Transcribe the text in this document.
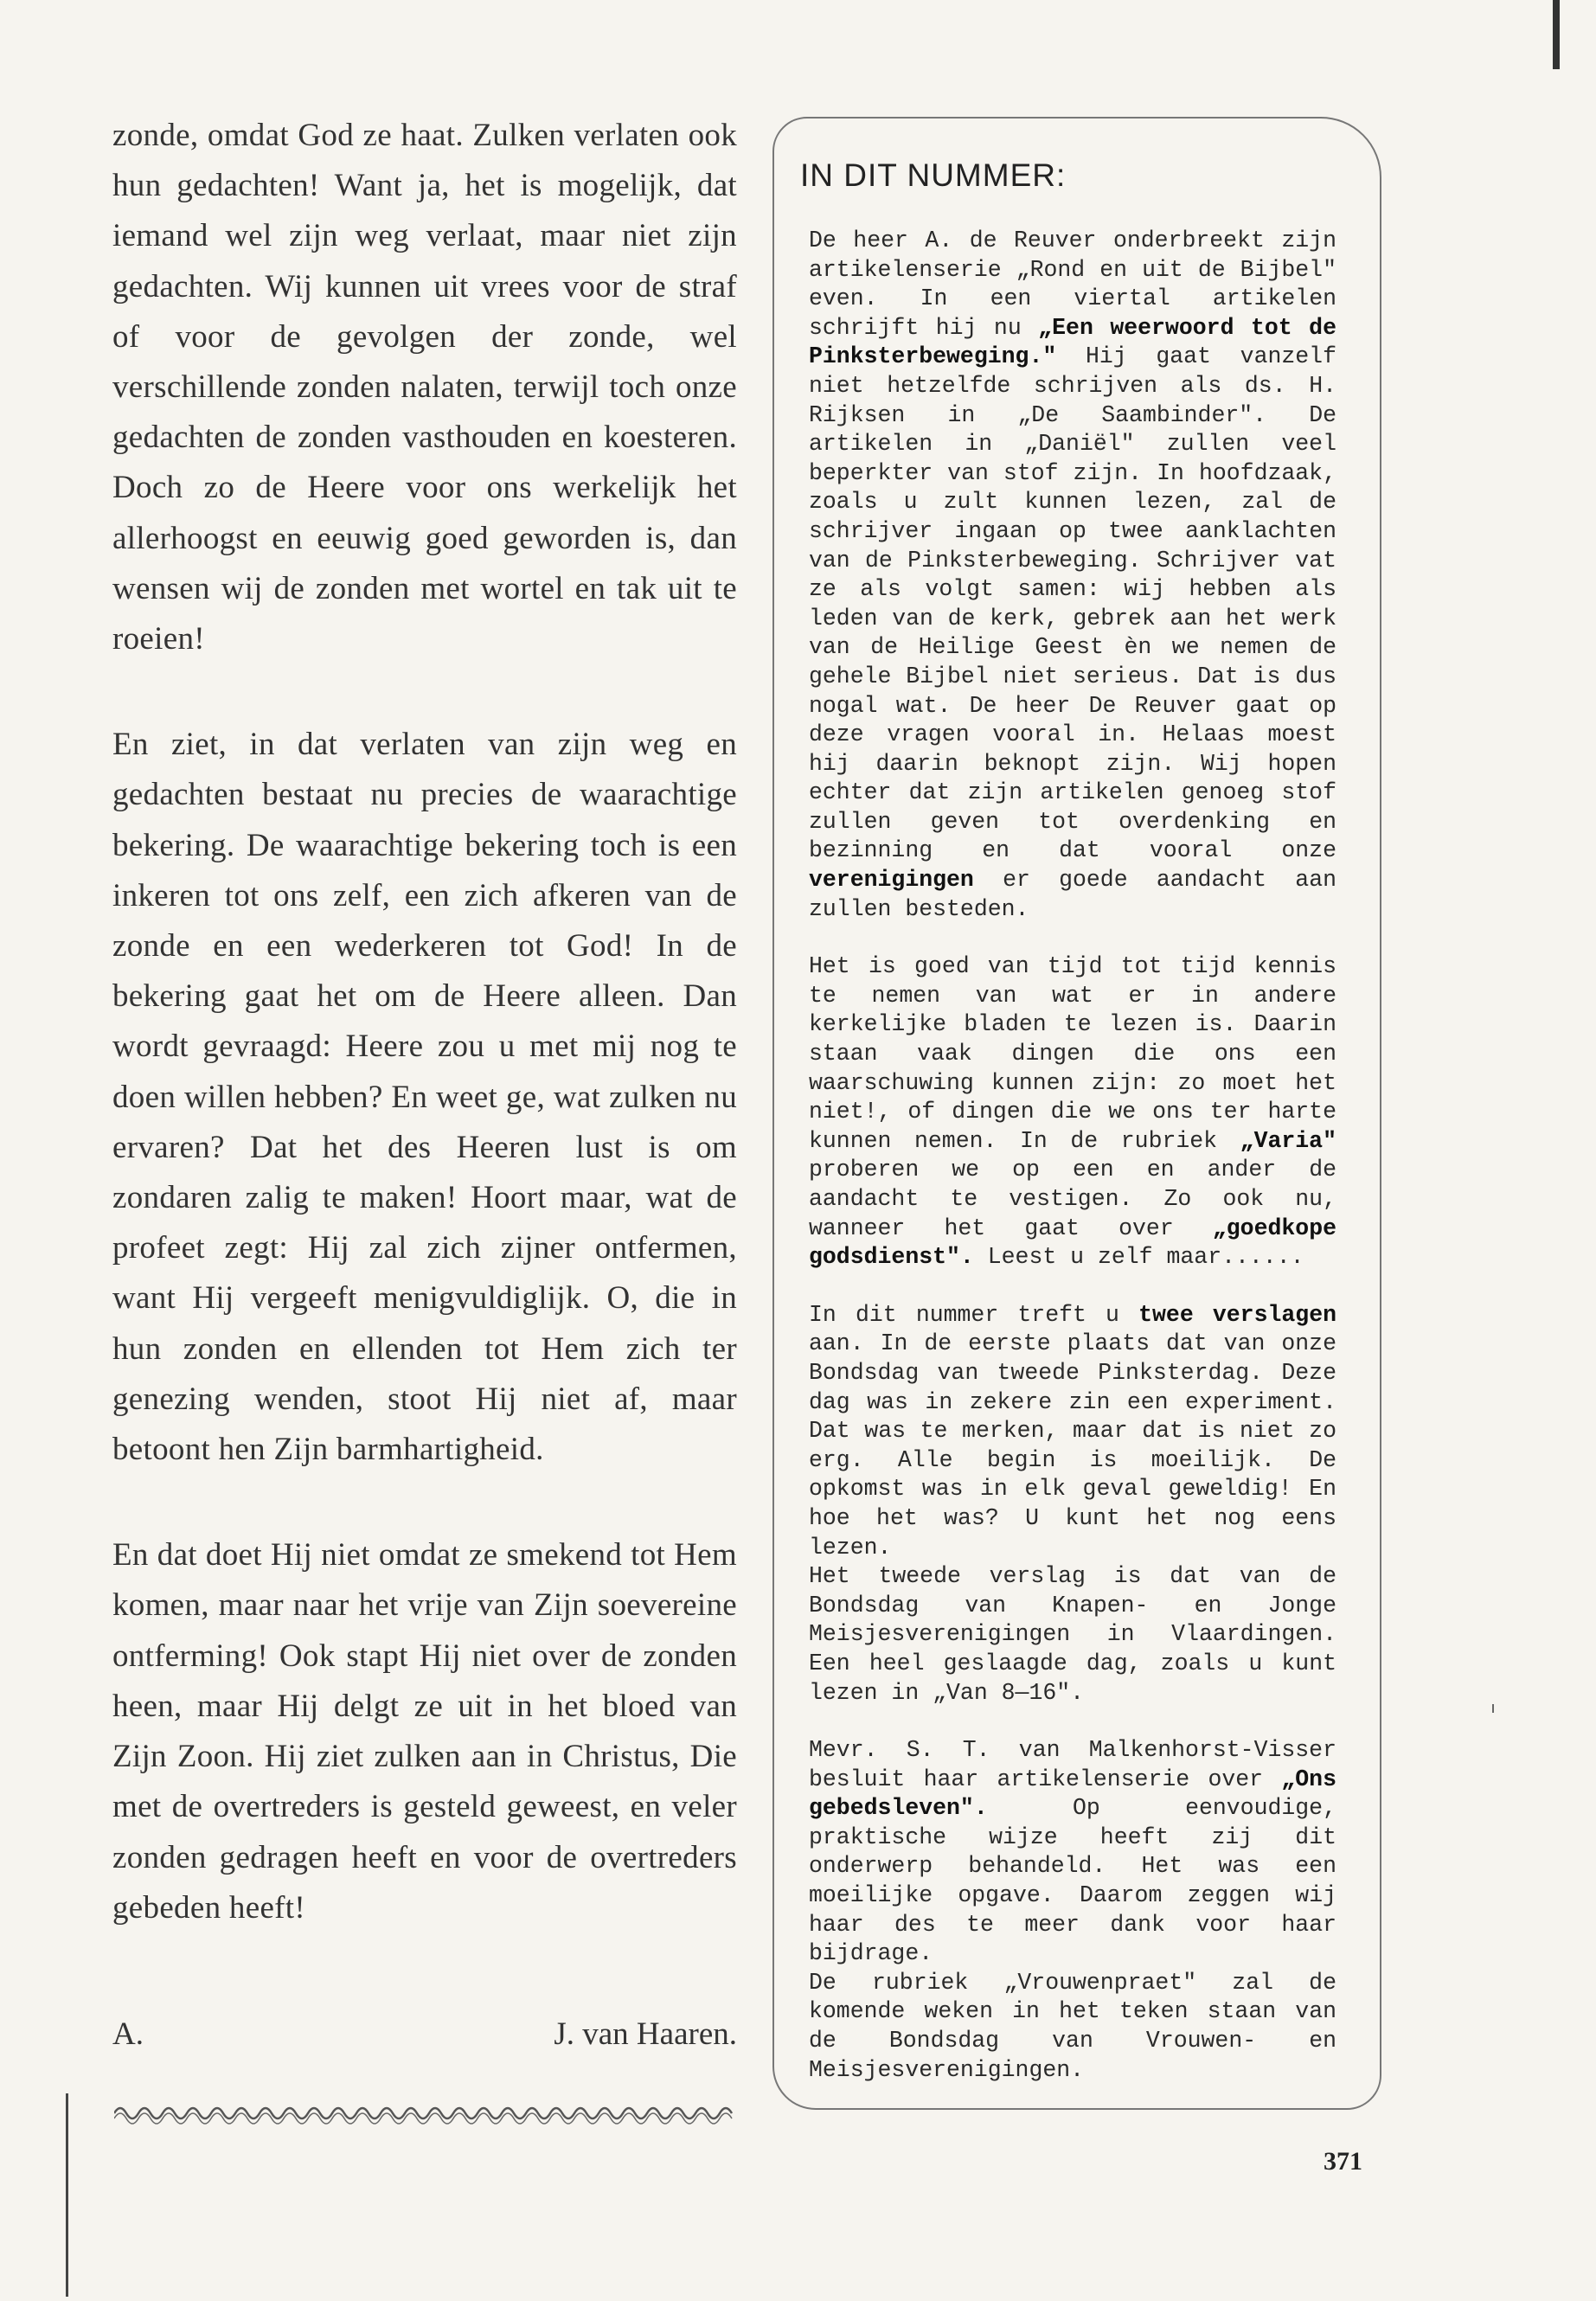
zonde, omdat God ze haat. Zulken verlaten ook hun gedachten! Want ja, het is mogelijk, dat iemand wel zijn weg verlaat, maar niet zijn gedachten. Wij kunnen uit vrees voor de straf of voor de gevolgen der zonde, wel verschillende zonden nalaten, terwijl toch onze gedachten de zonden vasthouden en koesteren. Doch zo de Heere voor ons werkelijk het allerhoogst en eeuwig goed geworden is, dan wensen wij de zonden met wortel en tak uit te roeien!

En ziet, in dat verlaten van zijn weg en gedachten bestaat nu precies de waarachtige bekering. De waarachtige bekering toch is een inkeren tot ons zelf, een zich afkeren van de zonde en een wederkeren tot God! In de bekering gaat het om de Heere alleen. Dan wordt gevraagd: Heere zou u met mij nog te doen willen hebben? En weet ge, wat zulken nu ervaren? Dat het des Heeren lust is om zondaren zalig te maken! Hoort maar, wat de profeet zegt: Hij zal zich zijner ontfermen, want Hij vergeeft menigvuldiglijk. O, die in hun zonden en ellenden tot Hem zich ter genezing wenden, stoot Hij niet af, maar betoont hen Zijn barmhartigheid.

En dat doet Hij niet omdat ze smekend tot Hem komen, maar naar het vrije van Zijn soevereine ontferming! Ook stapt Hij niet over de zonden heen, maar Hij delgt ze uit in het bloed van Zijn Zoon. Hij ziet zulken aan in Christus, Die met de overtreders is gesteld geweest, en veler zonden gedragen heeft en voor de overtreders gebeden heeft!

A.	J. van Haaren.
IN DIT NUMMER:

De heer A. de Reuver onderbreekt zijn artikelenserie „Rond en uit de Bijbel" even. In een viertal artikelen schrijft hij nu „Een weerwoord tot de Pinksterbeweging." Hij gaat vanzelf niet hetzelfde schrijven als ds. H. Rijksen in „De Saambinder". De artikelen in „Daniël" zullen veel beperkter van stof zijn. In hoofdzaak, zoals u zult kunnen lezen, zal de schrijver ingaan op twee aanklachten van de Pinksterbeweging. Schrijver vat ze als volgt samen: wij hebben als leden van de kerk, gebrek aan het werk van de Heilige Geest èn we nemen de gehele Bijbel niet serieus. Dat is dus nogal wat. De heer De Reuver gaat op deze vragen vooral in. Helaas moest hij daarin beknopt zijn. Wij hopen echter dat zijn artikelen genoeg stof zullen geven tot overdenking en bezinning en dat vooral onze verenigingen er goede aandacht aan zullen besteden.

Het is goed van tijd tot tijd kennis te nemen van wat er in andere kerkelijke bladen te lezen is. Daarin staan vaak dingen die ons een waarschuwing kunnen zijn: zo moet het niet!, of dingen die we ons ter harte kunnen nemen. In de rubriek „Varia" proberen we op een en ander de aandacht te vestigen. Zo ook nu, wanneer het gaat over „goedkope godsdienst". Leest u zelf maar......

In dit nummer treft u twee verslagen aan. In de eerste plaats dat van onze Bondsdag van tweede Pinksterdag. Deze dag was in zekere zin een experiment. Dat was te merken, maar dat is niet zo erg. Alle begin is moeilijk. De opkomst was in elk geval geweldig! En hoe het was? U kunt het nog eens lezen.

Het tweede verslag is dat van de Bondsdag van Knapen- en Jonge Meisjesverenigingen in Vlaardingen. Een heel geslaagde dag, zoals u kunt lezen in „Van 8—16".

Mevr. S. T. van Malkenhorst-Visser besluit haar artikelenserie over „Ons gebedsleven". Op eenvoudige, praktische wijze heeft zij dit onderwerp behandeld. Het was een moeilijke opgave. Daarom zeggen wij haar des te meer dank voor haar bijdrage.

De rubriek „Vrouwenpraet" zal de komende weken in het teken staan van de Bondsdag van Vrouwen- en Meisjesverenigingen.

371
